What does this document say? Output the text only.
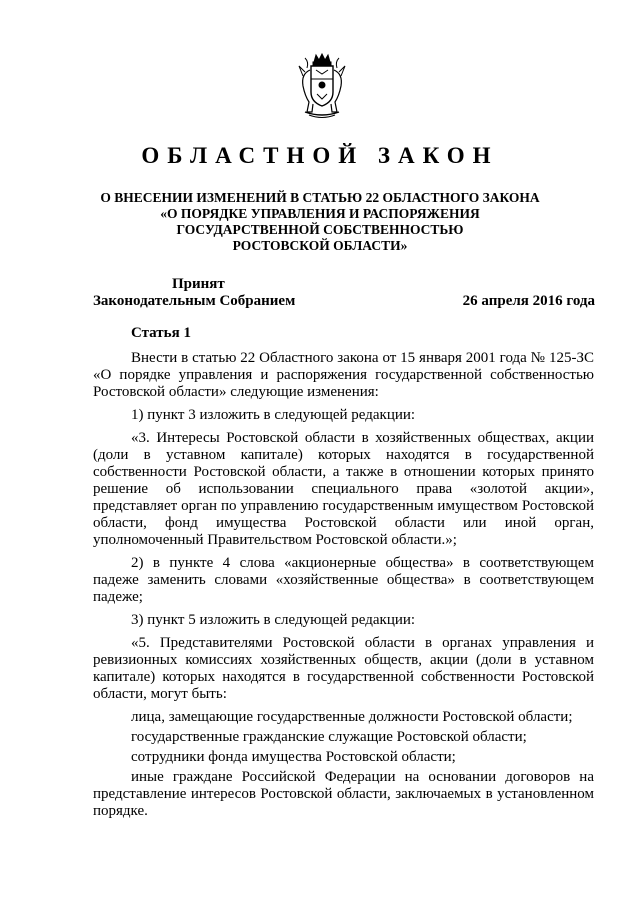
ОБЛАСТНОЙ ЗАКОН
О ВНЕСЕНИИ ИЗМЕНЕНИЙ В СТАТЬЮ 22 ОБЛАСТНОГО ЗАКОНА
«О ПОРЯДКЕ УПРАВЛЕНИЯ И РАСПОРЯЖЕНИЯ
ГОСУДАРСТВЕННОЙ СОБСТВЕННОСТЬЮ
РОСТОВСКОЙ ОБЛАСТИ»
Принят
Законодательным Собранием	26 апреля 2016 года
Статья 1

Внести в статью 22 Областного закона от 15 января 2001 года № 125-ЗС «О порядке управления и распоряжения государственной собственностью Ростовской области» следующие изменения:

1) пункт 3 изложить в следующей редакции:

«3. Интересы Ростовской области в хозяйственных обществах, акции (доли в уставном капитале) которых находятся в государственной собственности Ростовской области, а также в отношении которых принято решение об использовании специального права «золотой акции», представляет орган по управлению государственным имуществом Ростовской области, фонд имущества Ростовской области или иной орган, уполномоченный Правительством Ростовской области.»;

2) в пункте 4 слова «акционерные общества» в соответствующем падеже заменить словами «хозяйственные общества» в соответствующем падеже;

3) пункт 5 изложить в следующей редакции:

«5. Представителями Ростовской области в органах управления и ревизионных комиссиях хозяйственных обществ, акции (доли в уставном капитале) которых находятся в государственной собственности Ростовской области, могут быть:

лица, замещающие государственные должности Ростовской области;

государственные гражданские служащие Ростовской области;

сотрудники фонда имущества Ростовской области;

иные граждане Российской Федерации на основании договоров на представление интересов Ростовской области, заключаемых в установленном порядке.
